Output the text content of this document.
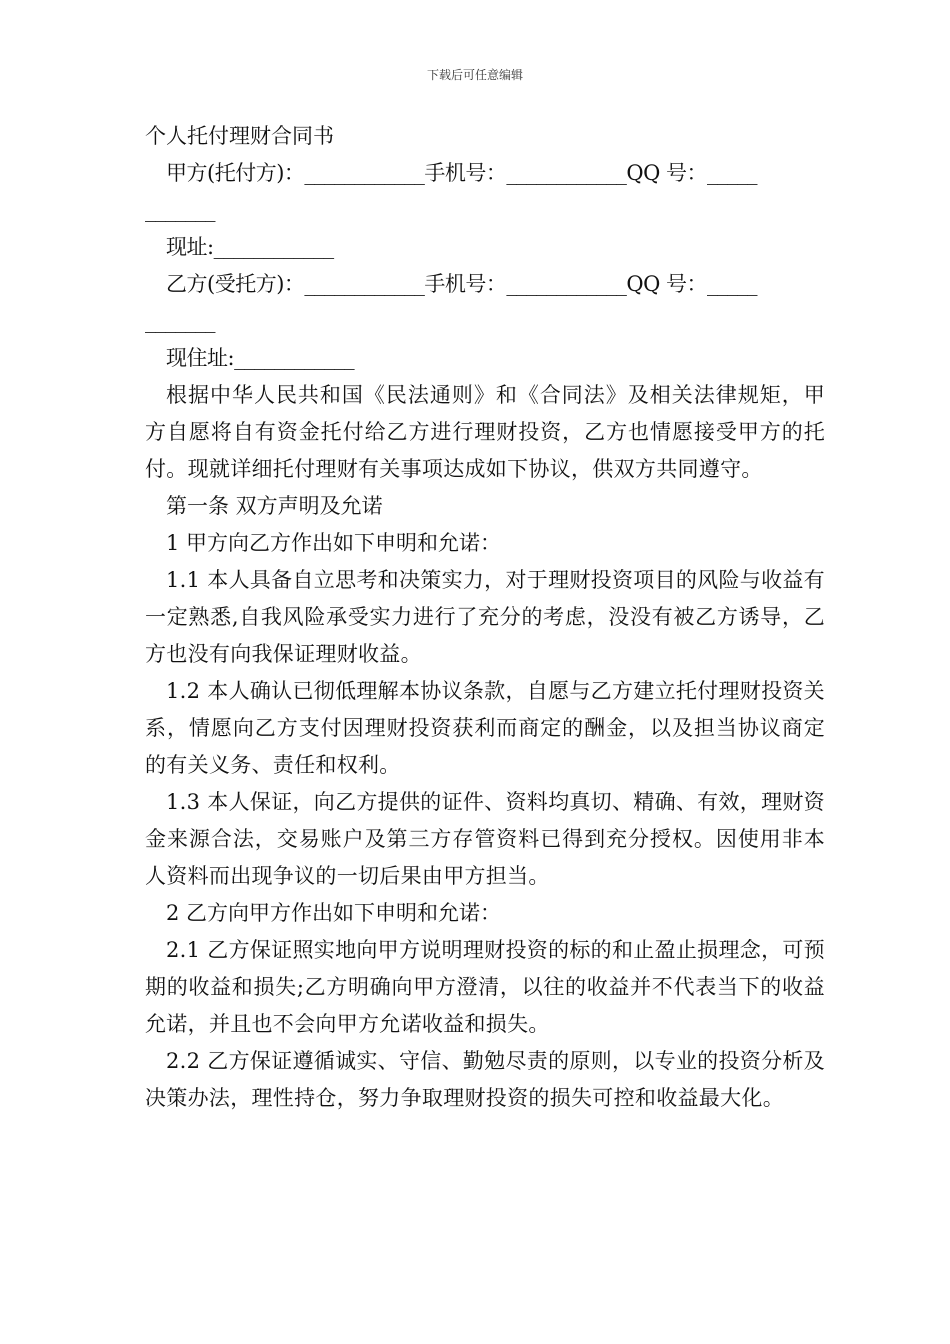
下载后可任意编辑
个人托付理财合同书
甲方(托付方)：____________手机号：____________QQ 号：_____
_______
现址:____________
乙方(受托方)：____________手机号：____________QQ 号：_____
_______
现住址:____________
根据中华人民共和国《民法通则》和《合同法》及相关法律规矩，甲方自愿将自有资金托付给乙方进行理财投资，乙方也情愿接受甲方的托付。现就详细托付理财有关事项达成如下协议，供双方共同遵守。
第一条 双方声明及允诺
1 甲方向乙方作出如下申明和允诺：
1.1 本人具备自立思考和决策实力，对于理财投资项目的风险与收益有一定熟悉,自我风险承受实力进行了充分的考虑，没没有被乙方诱导，乙方也没有向我保证理财收益。
1.2 本人确认已彻低理解本协议条款，自愿与乙方建立托付理财投资关系，情愿向乙方支付因理财投资获利而商定的酬金，以及担当协议商定的有关义务、责任和权利。
1.3 本人保证，向乙方提供的证件、资料均真切、精确、有效，理财资金来源合法，交易账户及第三方存管资料已得到充分授权。因使用非本人资料而出现争议的一切后果由甲方担当。
2 乙方向甲方作出如下申明和允诺：
2.1 乙方保证照实地向甲方说明理财投资的标的和止盈止损理念，可预期的收益和损失;乙方明确向甲方澄清，以往的收益并不代表当下的收益允诺，并且也不会向甲方允诺收益和损失。
2.2 乙方保证遵循诚实、守信、勤勉尽责的原则，以专业的投资分析及决策办法，理性持仓，努力争取理财投资的损失可控和收益最大化。
